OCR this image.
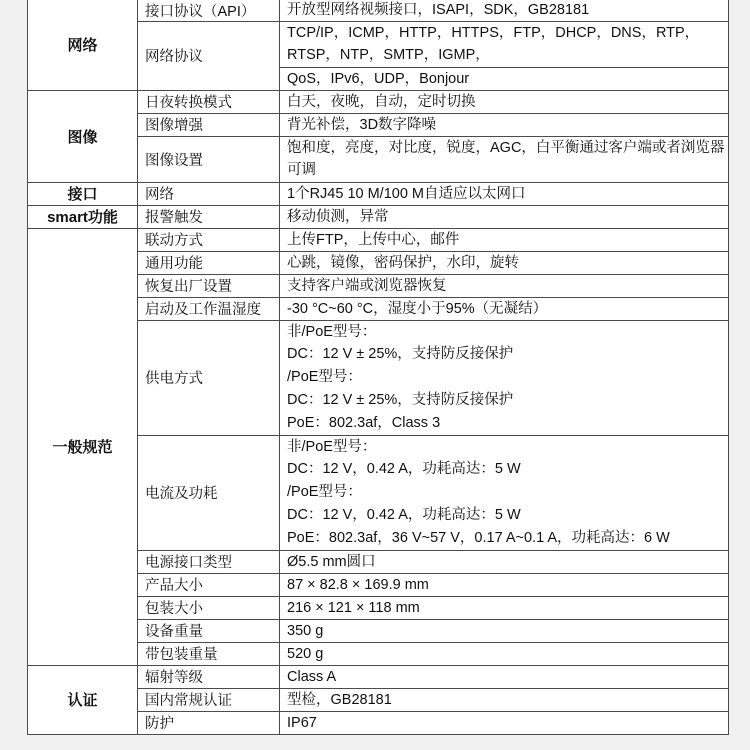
网络	接口协议（API）	开放型网络视频接口，ISAPI，SDK，GB28181

	网络协议	TCP/IP，ICMP，HTTP，HTTPS，FTP，DHCP，DNS，RTP，
RTSP，NTP，SMTP，IGMP，

		QoS，IPv6，UDP，Bonjour

图像	日夜转换模式	白天，夜晚，自动，定时切换

	图像增强	背光补偿，3D数字降噪

	图像设置	饱和度，亮度，对比度，锐度，AGC，白平衡通过客户端或者浏览器
可调

接口	网络	1个RJ45 10 M/100 M自适应以太网口

smart功能	报警触发	移动侦测，异常

一般规范	联动方式	上传FTP，上传中心，邮件

	通用功能	心跳，镜像，密码保护，水印，旋转

	恢复出厂设置	支持客户端或浏览器恢复

	启动及工作温湿度	-30 °C~60 °C，湿度小于95%（无凝结）

	供电方式	非/PoE型号：
DC：12 V ± 25%，支持防反接保护
/PoE型号：
DC：12 V ± 25%，支持防反接保护
PoE：802.3af，Class 3

	电流及功耗	非/PoE型号：
DC：12 V，0.42 A，功耗高达：5 W
/PoE型号：
DC：12 V，0.42 A，功耗高达：5 W
PoE：802.3af，36 V~57 V，0.17 A~0.1 A，功耗高达：6 W

	电源接口类型	Ø5.5 mm圆口

	产品大小	87 × 82.8 × 169.9 mm

	包装大小	216 × 121 × 118 mm

	设备重量	350 g

	带包装重量	520 g

认证	辐射等级	Class A

	国内常规认证	型检，GB28181

	防护	IP67
